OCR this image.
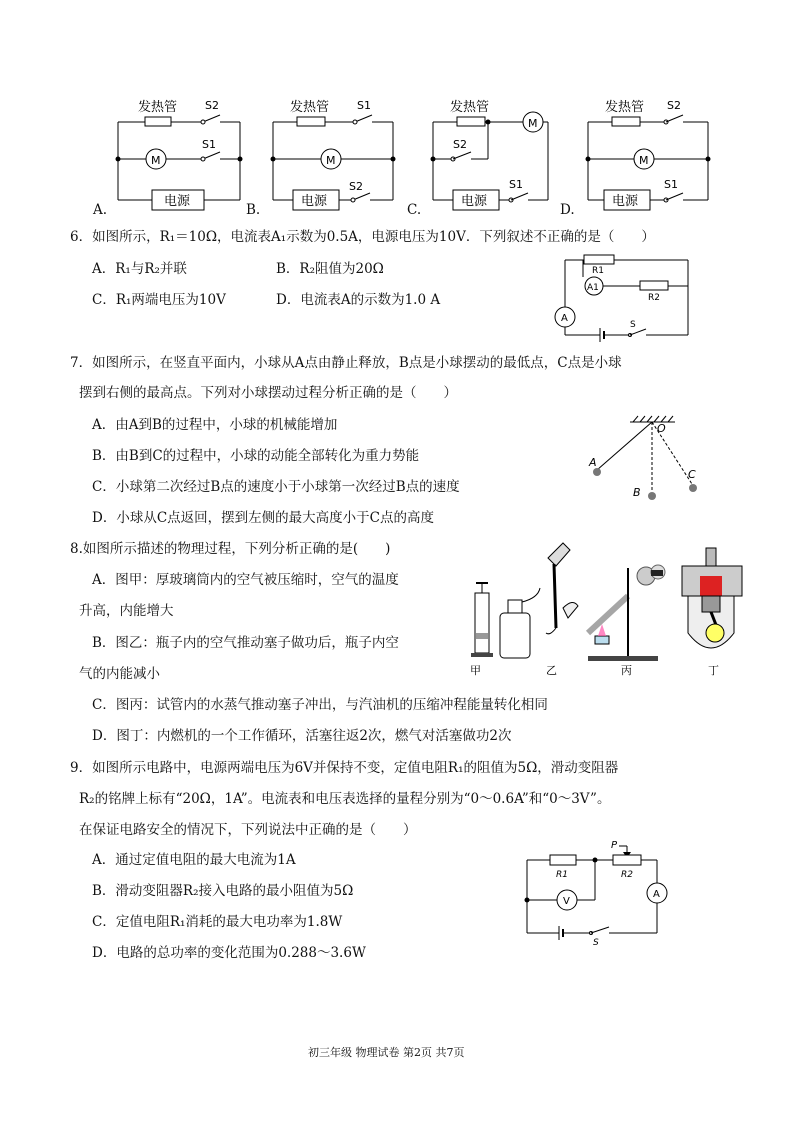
发热管	S2
M
S1
电源
A.
发热管	S1
M
电源
S2
B.
发热管
M
S2
电源
S1
C.
发热管 S2
M
电源
S1
D.
6．如图所示，R₁＝10Ω，电流表A₁示数为0.5A，电源电压为10V．下列叙述不正确的是（　　）
A．R₁与R₂并联	B．R₂阻值为20Ω
C．R₁两端电压为10V	D．电流表A的示数为1.0 A
R1
A1
R2
A
S
7．如图所示，在竖直平面内，小球从A点由静止释放，B点是小球摆动的最低点，C点是小球
摆到右侧的最高点。下列对小球摆动过程分析正确的是（　　）
A．由A到B的过程中，小球的机械能增加
B．由B到C的过程中，小球的动能全部转化为重力势能
C．小球第二次经过B点的速度小于小球第一次经过B点的速度
D．小球从C点返回，摆到左侧的最大高度小于C点的高度
O
A
B
C
8.如图所示描述的物理过程，下列分析正确的是(　　)
A．图甲：厚玻璃筒内的空气被压缩时，空气的温度
升高，内能增大
B．图乙：瓶子内的空气推动塞子做功后，瓶子内空
气的内能减小
C．图丙：试管内的水蒸气推动塞子冲出，与汽油机的压缩冲程能量转化相同
D．图丁：内燃机的一个工作循环，活塞往返2次，燃气对活塞做功2次
甲	乙	丙	丁
9．如图所示电路中，电源两端电压为6V并保持不变，定值电阻R₁的阻值为5Ω，滑动变阻器
R₂的铭牌上标有“20Ω，1A”。电流表和电压表选择的量程分别为“0～0.6A”和“0～3V”。
在保证电路安全的情况下，下列说法中正确的是（　　）
A．通过定值电阻的最大电流为1A
B．滑动变阻器R₂接入电路的最小阻值为5Ω
C．定值电阻R₁消耗的最大电功率为1.8W
D．电路的总功率的变化范围为0.288～3.6W
P
R1	R2
A
V
S
初三年级 物理试卷 第2页 共7页
